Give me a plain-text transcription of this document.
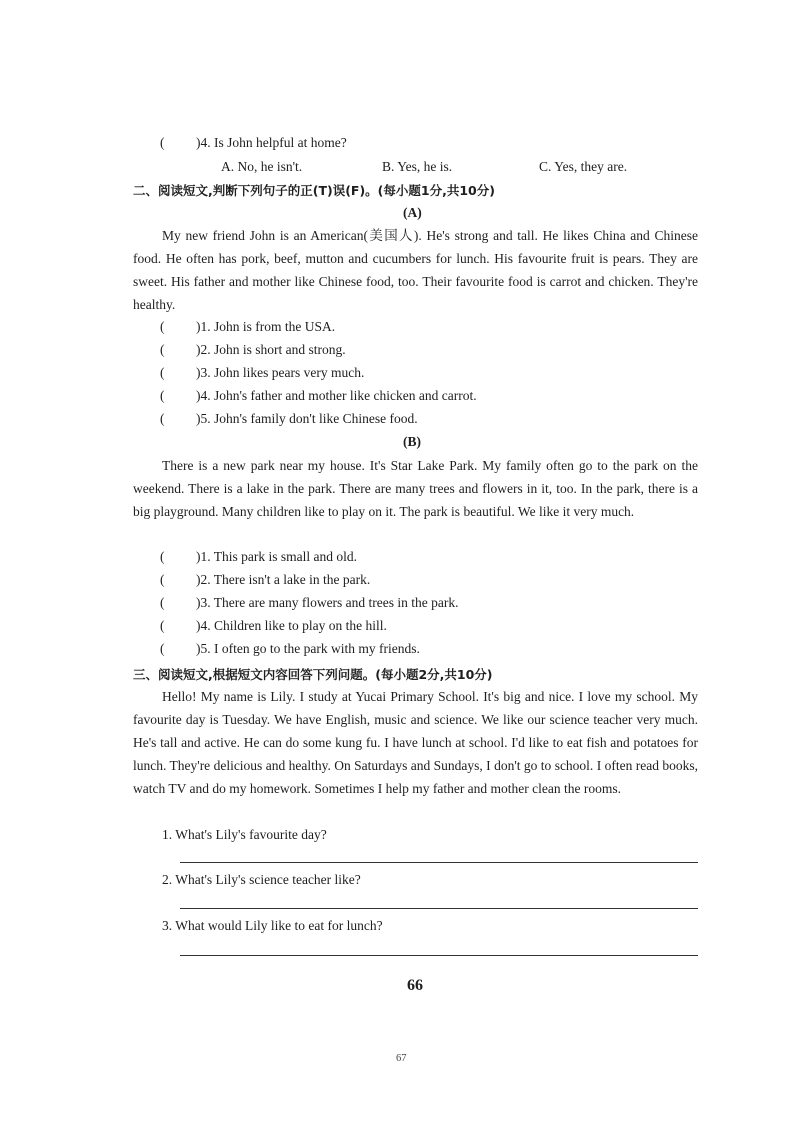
( )4. Is John helpful at home?
A. No, he isn't.	B. Yes, he is.	C. Yes, they are.
二、阅读短文,判断下列句子的正(T)误(F)。(每小题1分,共10分)
(A)
My new friend John is an American(美国人). He's strong and tall. He likes China and Chinese food. He often has pork, beef, mutton and cucumbers for lunch. His favourite fruit is pears. They are sweet. His father and mother like Chinese food, too. Their favourite food is carrot and chicken. They're healthy.
( )1. John is from the USA.
( )2. John is short and strong.
( )3. John likes pears very much.
( )4. John's father and mother like chicken and carrot.
( )5. John's family don't like Chinese food.
(B)
There is a new park near my house. It's Star Lake Park. My family often go to the park on the weekend. There is a lake in the park. There are many trees and flowers in it, too. In the park, there is a big playground. Many children like to play on it. The park is beautiful. We like it very much.
( )1. This park is small and old.
( )2. There isn't a lake in the park.
( )3. There are many flowers and trees in the park.
( )4. Children like to play on the hill.
( )5. I often go to the park with my friends.
三、阅读短文,根据短文内容回答下列问题。(每小题2分,共10分)
Hello! My name is Lily. I study at Yucai Primary School. It's big and nice. I love my school. My favourite day is Tuesday. We have English, music and science. We like our science teacher very much. He's tall and active. He can do some kung fu. I have lunch at school. I'd like to eat fish and potatoes for lunch. They're delicious and healthy. On Saturdays and Sundays, I don't go to school. I often read books, watch TV and do my homework. Sometimes I help my father and mother clean the rooms.
1. What's Lily's favourite day?
2. What's Lily's science teacher like?
3. What would Lily like to eat for lunch?
66
67
